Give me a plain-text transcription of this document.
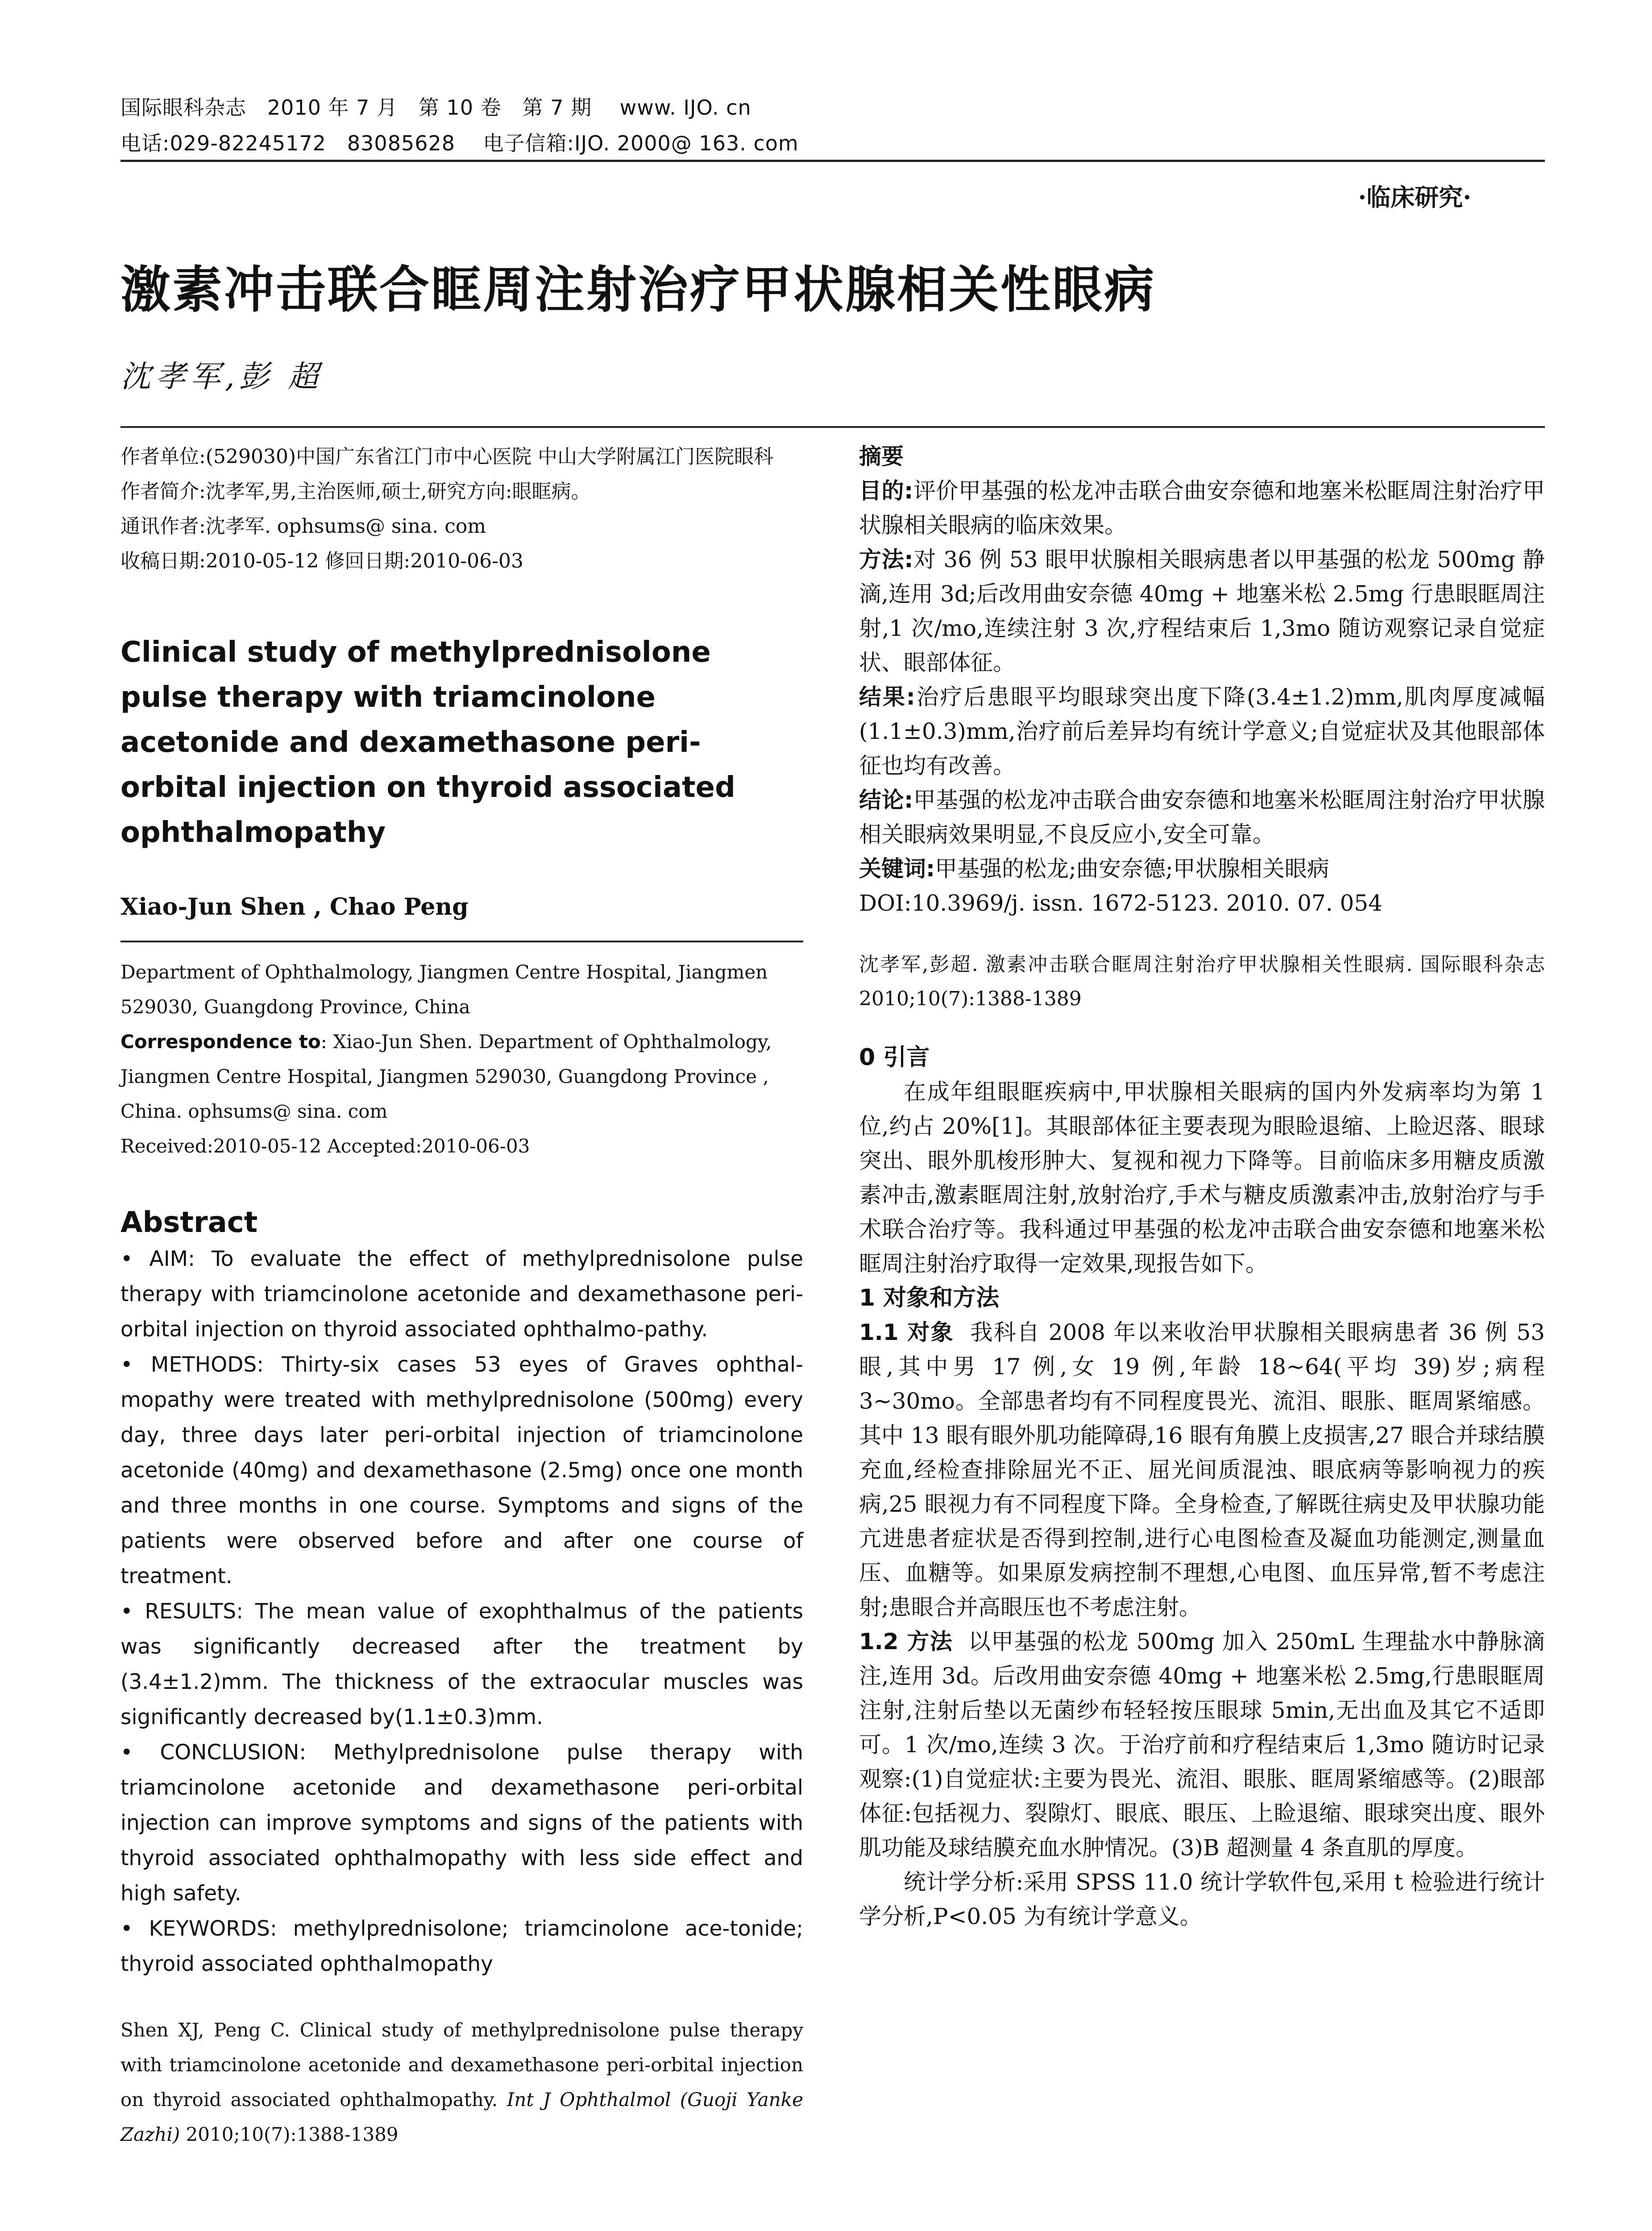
国际眼科杂志   2010 年 7 月   第 10 卷   第 7 期    www. IJO. cn
电话:029-82245172   83085628    电子信箱:IJO. 2000@ 163. com
·临床研究·
激素冲击联合眶周注射治疗甲状腺相关性眼病
沈孝军,彭 超

作者单位:(529030)中国广东省江门市中心医院 中山大学附属江门医院眼科

作者简介:沈孝军,男,主治医师,硕士,研究方向:眼眶病。

通讯作者:沈孝军. ophsums@ sina. com

收稿日期:2010-05-12 修回日期:2010-06-03

Clinical study of methylprednisolone pulse therapy with triamcinolone acetonide and dexamethasone peri-orbital injection on thyroid associated ophthalmopathy
Xiao-Jun Shen , Chao Peng

Department of Ophthalmology, Jiangmen Centre Hospital, Jiangmen 529030, Guangdong Province, China

Correspondence to: Xiao-Jun Shen. Department of Ophthalmology, Jiangmen Centre Hospital, Jiangmen 529030, Guangdong Province , China. ophsums@ sina. com

Received:2010-05-12 Accepted:2010-06-03

Abstract

• AIM: To evaluate the effect of methylprednisolone pulse therapy with triamcinolone acetonide and dexamethasone peri-orbital injection on thyroid associated ophthalmo-pathy.

• METHODS: Thirty-six cases 53 eyes of Graves ophthal-mopathy were treated with methylprednisolone (500mg) every day, three days later peri-orbital injection of triamcinolone acetonide (40mg) and dexamethasone (2.5mg) once one month and three months in one course. Symptoms and signs of the patients were observed before and after one course of treatment.

• RESULTS: The mean value of exophthalmus of the patients was significantly decreased after the treatment by (3.4±1.2)mm. The thickness of the extraocular muscles was significantly decreased by(1.1±0.3)mm.

• CONCLUSION: Methylprednisolone pulse therapy with triamcinolone acetonide and dexamethasone peri-orbital injection can improve symptoms and signs of the patients with thyroid associated ophthalmopathy with less side effect and high safety.

• KEYWORDS: methylprednisolone; triamcinolone ace-tonide; thyroid associated ophthalmopathy

Shen XJ, Peng C. Clinical study of methylprednisolone pulse therapy with triamcinolone acetonide and dexamethasone peri-orbital injection on thyroid associated ophthalmopathy. Int J Ophthalmol (Guoji Yanke Zazhi) 2010;10(7):1388-1389

摘要

目的:评价甲基强的松龙冲击联合曲安奈德和地塞米松眶周注射治疗甲状腺相关眼病的临床效果。

方法:对 36 例 53 眼甲状腺相关眼病患者以甲基强的松龙 500mg 静滴,连用 3d;后改用曲安奈德 40mg + 地塞米松 2.5mg 行患眼眶周注射,1 次/mo,连续注射 3 次,疗程结束后 1,3mo 随访观察记录自觉症状、眼部体征。

结果:治疗后患眼平均眼球突出度下降(3.4±1.2)mm,肌肉厚度减幅(1.1±0.3)mm,治疗前后差异均有统计学意义;自觉症状及其他眼部体征也均有改善。

结论:甲基强的松龙冲击联合曲安奈德和地塞米松眶周注射治疗甲状腺相关眼病效果明显,不良反应小,安全可靠。

关键词:甲基强的松龙;曲安奈德;甲状腺相关眼病

DOI:10.3969/j. issn. 1672-5123. 2010. 07. 054

沈孝军,彭超. 激素冲击联合眶周注射治疗甲状腺相关性眼病. 国际眼科杂志 2010;10(7):1388-1389

0 引言

在成年组眼眶疾病中,甲状腺相关眼病的国内外发病率均为第 1 位,约占 20%[1]。其眼部体征主要表现为眼睑退缩、上睑迟落、眼球突出、眼外肌梭形肿大、复视和视力下降等。目前临床多用糖皮质激素冲击,激素眶周注射,放射治疗,手术与糖皮质激素冲击,放射治疗与手术联合治疗等。我科通过甲基强的松龙冲击联合曲安奈德和地塞米松眶周注射治疗取得一定效果,现报告如下。

1 对象和方法

1.1 对象 我科自 2008 年以来收治甲状腺相关眼病患者 36 例 53 眼,其中男 17 例,女 19 例,年龄 18~64(平均 39)岁;病程 3~30mo。全部患者均有不同程度畏光、流泪、眼胀、眶周紧缩感。其中 13 眼有眼外肌功能障碍,16 眼有角膜上皮损害,27 眼合并球结膜充血,经检查排除屈光不正、屈光间质混浊、眼底病等影响视力的疾病,25 眼视力有不同程度下降。全身检查,了解既往病史及甲状腺功能亢进患者症状是否得到控制,进行心电图检查及凝血功能测定,测量血压、血糖等。如果原发病控制不理想,心电图、血压异常,暂不考虑注射;患眼合并高眼压也不考虑注射。

1.2 方法 以甲基强的松龙 500mg 加入 250mL 生理盐水中静脉滴注,连用 3d。后改用曲安奈德 40mg + 地塞米松 2.5mg,行患眼眶周注射,注射后垫以无菌纱布轻轻按压眼球 5min,无出血及其它不适即可。1 次/mo,连续 3 次。于治疗前和疗程结束后 1,3mo 随访时记录观察:(1)自觉症状:主要为畏光、流泪、眼胀、眶周紧缩感等。(2)眼部体征:包括视力、裂隙灯、眼底、眼压、上睑退缩、眼球突出度、眼外肌功能及球结膜充血水肿情况。(3)B 超测量 4 条直肌的厚度。

统计学分析:采用 SPSS 11.0 统计学软件包,采用 t 检验进行统计学分析,P<0.05 为有统计学意义。
